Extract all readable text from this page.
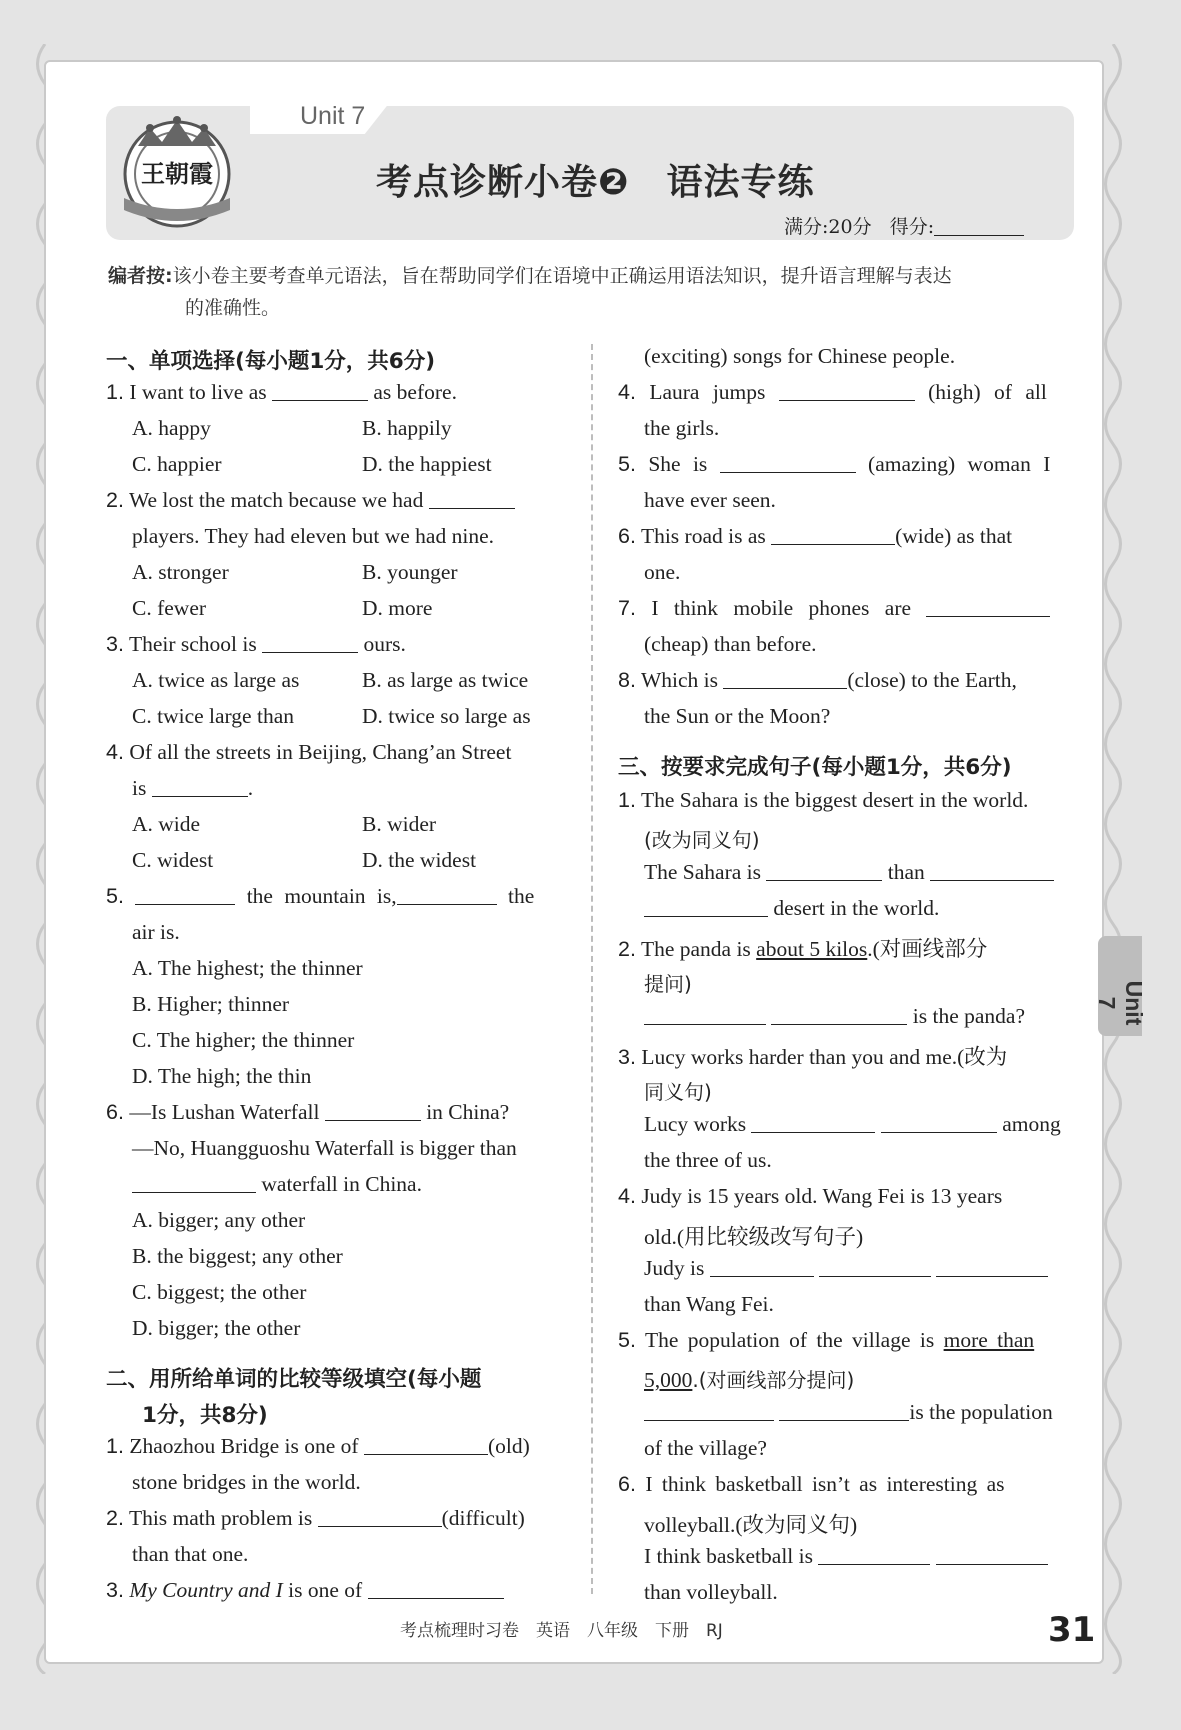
Unit 7
王朝霞	考点诊断小卷❷　语法专练
满分:20分 得分:
编者按:该小卷主要考查单元语法，旨在帮助同学们在语境中正确运用语法知识，提升语言理解与表达
的准确性。
一、单项选择(每小题1分，共6分)
1. I want to live as	as before.
A. happy	B. happily
C. happier	D. the happiest
2. We lost the match because we had
players. They had eleven but we had nine.
A. stronger	B. younger
C. fewer	D. more
3. Their school is	ours.
A. twice as large as	B. as large as twice
C. twice large than	D. twice so large as
4. Of all the streets in Beijing, Chang’an Street
is	.
A. wide	B. wider
C. widest	D. the widest
5.	the mountain is,	the
air is.
A. The highest; the thinner
B. Higher; thinner
C. The higher; the thinner
D. The high; the thin
6. —Is Lushan Waterfall	in China?
—No, Huangguoshu Waterfall is bigger than
waterfall in China.
A. bigger; any other
B. the biggest; any other
C. biggest; the other
D. bigger; the other
二、用所给单词的比较等级填空(每小题
1分，共8分)
1. Zhaozhou Bridge is one of	(old)
stone bridges in the world.
2. This math problem is	(difficult)
than that one.
3. My Country and I is one of
(exciting) songs for Chinese people.
4. Laura jumps	(high) of all
the girls.
5. She is	(amazing) woman I
have ever seen.
6. This road is as	(wide) as that
one.
7. I think mobile phones are
(cheap) than before.
8. Which is	(close) to the Earth,
the Sun or the Moon?
三、按要求完成句子(每小题1分，共6分)
1. The Sahara is the biggest desert in the world.
(改为同义句)
The Sahara is	than
desert in the world.
2. The panda is about 5 kilos.(对画线部分
提问)
is the panda?
3. Lucy works harder than you and me.(改为
同义句)
Lucy works	among
the three of us.
4. Judy is 15 years old. Wang Fei is 13 years
old.(用比较级改写句子)
Judy is
than Wang Fei.
5. The population of the village is more than
5,000.(对画线部分提问)
is the population
of the village?
6. I think basketball isn’t as interesting as
volleyball.(改为同义句)
I think basketball is
than volleyball.
Unit 7
考点梳理时习卷　英语　八年级　下册　RJ	31
